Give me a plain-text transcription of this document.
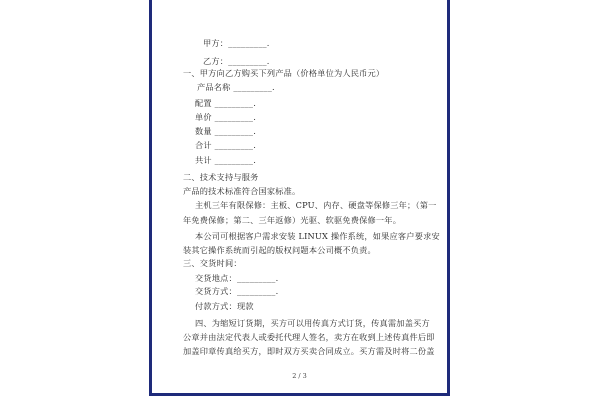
甲方：_________.
乙方：_________.
一、甲方向乙方购买下列产品（价格单位为人民币元）
产品名称 _________.
配置 _________.
单价 _________.
数量 _________.
合计 _________.
共计 _________.
二、技术支持与服务
产品的技术标准符合国家标准。
主机三年有限保修：主板、CPU、内存、硬盘等保修三年；（第一
年免费保修；第二、三年返修）光驱、软驱免费保修一年。
本公司可根据客户需求安装 LINUX 操作系统，如果应客户要求安
装其它操作系统而引起的版权问题本公司概不负责。
三、交货时间：
交货地点：_________.
交货方式：_________.
付款方式：现款
四、为缩短订货期，买方可以用传真方式订货，传真需加盖买方
公章并由法定代表人或委托代理人签名，卖方在收到上述传真件后即
加盖印章传真给买方，即时双方买卖合同成立。买方需及时将二份盖
2 / 3
